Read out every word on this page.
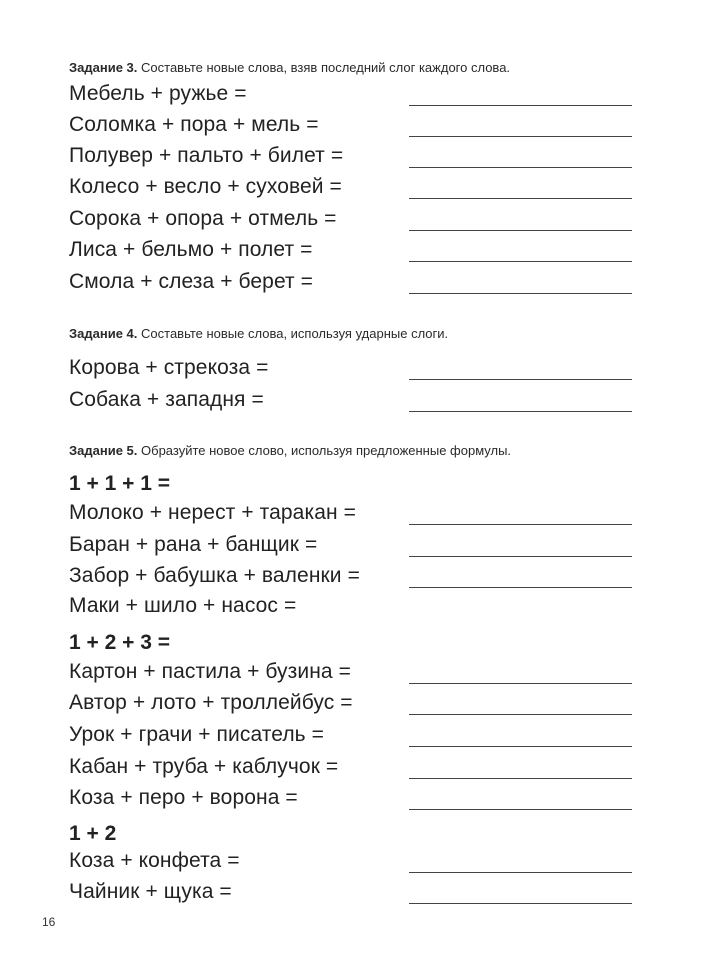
Задание 3. Составьте новые слова, взяв последний слог каждого слова.
Мебель + ружье =
Соломка + пора + мель =
Полувер + пальто + билет =
Колесо + весло + суховей =
Сорока + опора + отмель =
Лиса + бельмо + полет =
Смола + слеза + берет =
Задание 4. Составьте новые слова, используя ударные слоги.
Корова + стрекоза =
Собака + западня =
Задание 5. Образуйте новое слово, используя предложенные формулы.
1 + 1 + 1 =
Молоко + нерест + таракан =
Баран + рана + банщик =
Забор + бабушка + валенки =
Маки + шило + насос =
1 + 2 + 3 =
Картон + пастила + бузина =
Автор + лото + троллейбус =
Урок + грачи + писатель =
Кабан + труба + каблучок =
Коза + перо + ворона =
1 + 2
Коза + конфета =
Чайник + щука =
16
